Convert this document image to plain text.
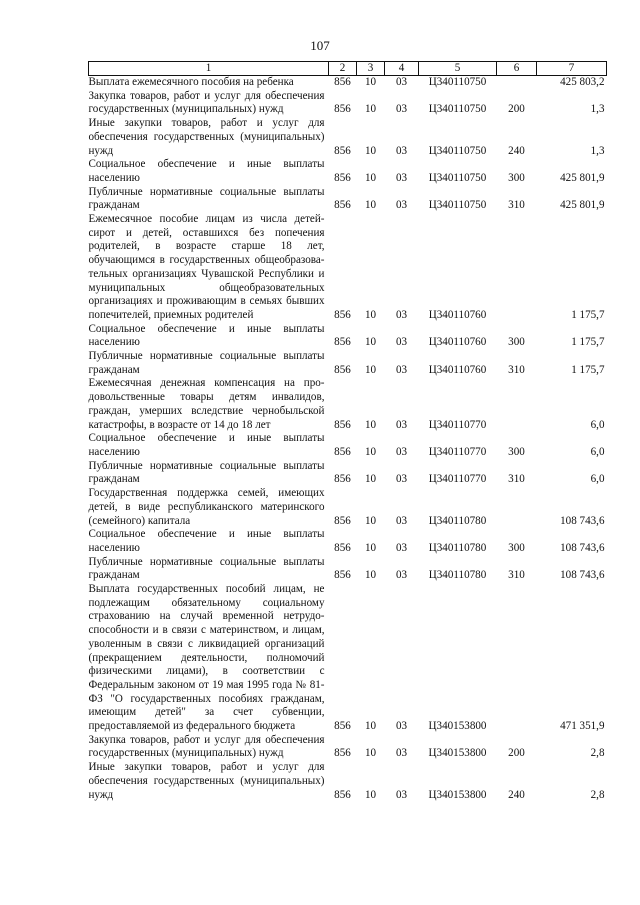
107
1	2	3	4	5	6	7
Выплата ежемесячного пособия на ребенка	856	10	03	Ц340110750		425 803,2
Закупка товаров, работ и услуг для обеспечения государственных (муниципальных) нужд	856	10	03	Ц340110750	200	1,3
Иные закупки товаров, работ и услуг для обеспечения государственных (муниципальных) нужд	856	10	03	Ц340110750	240	1,3
Социальное обеспечение и иные выплаты населению	856	10	03	Ц340110750	300	425 801,9
Публичные нормативные социальные выплаты гражданам	856	10	03	Ц340110750	310	425 801,9
Ежемесячное пособие лицам из числа детей-сирот и детей, оставшихся без попечения родителей, в возрасте старше 18 лет, обучающимся в государственных общеобразовательных организациях Чувашской Республики и муниципальных общеобразовательных организациях и проживающим в семьях бывших попечителей, приемных родителей	856	10	03	Ц340110760		1 175,7
Социальное обеспечение и иные выплаты населению	856	10	03	Ц340110760	300	1 175,7
Публичные нормативные социальные выплаты гражданам	856	10	03	Ц340110760	310	1 175,7
Ежемесячная денежная компенсация на продовольственные товары детям инвалидов, граждан, умерших вследствие чернобыльской катастрофы, в возрасте от 14 до 18 лет	856	10	03	Ц340110770		6,0
Социальное обеспечение и иные выплаты населению	856	10	03	Ц340110770	300	6,0
Публичные нормативные социальные выплаты гражданам	856	10	03	Ц340110770	310	6,0
Государственная поддержка семей, имеющих детей, в виде республиканского материнского (семейного) капитала	856	10	03	Ц340110780		108 743,6
Социальное обеспечение и иные выплаты населению	856	10	03	Ц340110780	300	108 743,6
Публичные нормативные социальные выплаты гражданам	856	10	03	Ц340110780	310	108 743,6
Выплата государственных пособий лицам, не подлежащим обязательному социальному страхованию на случай временной нетрудоспособности и в связи с материнством, и лицам, уволенным в связи с ликвидацией организаций (прекращением деятельности, полномочий физическими лицами), в соответствии с Федеральным законом от 19 мая 1995 года № 81-ФЗ "О государственных пособиях гражданам, имеющим детей" за счет субвенции, предоставляемой из федерального бюджета	856	10	03	Ц340153800		471 351,9
Закупка товаров, работ и услуг для обеспечения государственных (муниципальных) нужд	856	10	03	Ц340153800	200	2,8
Иные закупки товаров, работ и услуг для обеспечения государственных (муниципальных) нужд	856	10	03	Ц340153800	240	2,8
